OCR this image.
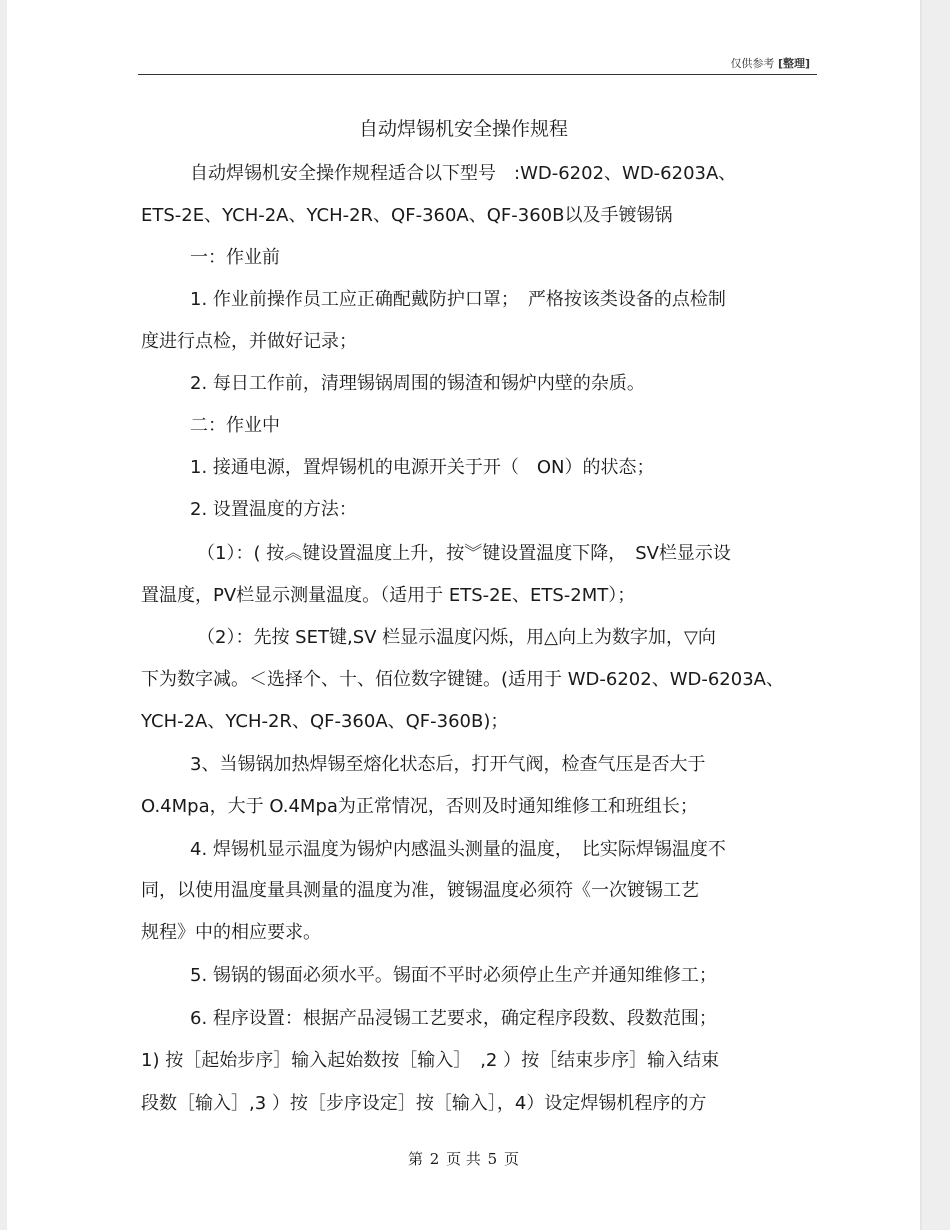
仅供参考 [整理]
自动焊锡机安全操作规程
自动焊锡机安全操作规程适合以下型号　:WD-6202、WD-6203A、
ETS-2E、YCH-2A、YCH-2R、QF-360A、QF-360B以及手镀锡锅
一：作业前
1. 作业前操作员工应正确配戴防护口罩；　严格按该类设备的点检制
度进行点检，并做好记录；
2. 每日工作前，清理锡锅周围的锡渣和锡炉内壁的杂质。
二：作业中
1. 接通电源，置焊锡机的电源开关于开（　ON）的状态；
2. 设置温度的方法：
（1）：( 按︽键设置温度上升，按︾键设置温度下降，　SV栏显示设
置温度，PV栏显示测量温度。（适用于 ETS-2E、ETS-2MT）；
（2）：先按 SET键,SV 栏显示温度闪烁，用△向上为数字加，▽向
下为数字减。＜选择个、十、佰位数字键键。(适用于 WD-6202、WD-6203A、
YCH-2A、YCH-2R、QF-360A、QF-360B)；
3、当锡锅加热焊锡至熔化状态后，打开气阀，检查气压是否大于
O.4Mpa，大于 O.4Mpa为正常情况，否则及时通知维修工和班组长；
4. 焊锡机显示温度为锡炉内感温头测量的温度，　比实际焊锡温度不
同，以使用温度量具测量的温度为准，镀锡温度必须符《一次镀锡工艺
规程》中的相应要求。
5. 锡锅的锡面必须水平。锡面不平时必须停止生产并通知维修工；
6. 程序设置：根据产品浸锡工艺要求，确定程序段数、段数范围；
1) 按［起始步序］输入起始数按［输入］　,2 ）按［结束步序］输入结束
段数［输入］,3 ）按［步序设定］按［输入］，4）设定焊锡机程序的方
第 2 页 共 5 页
